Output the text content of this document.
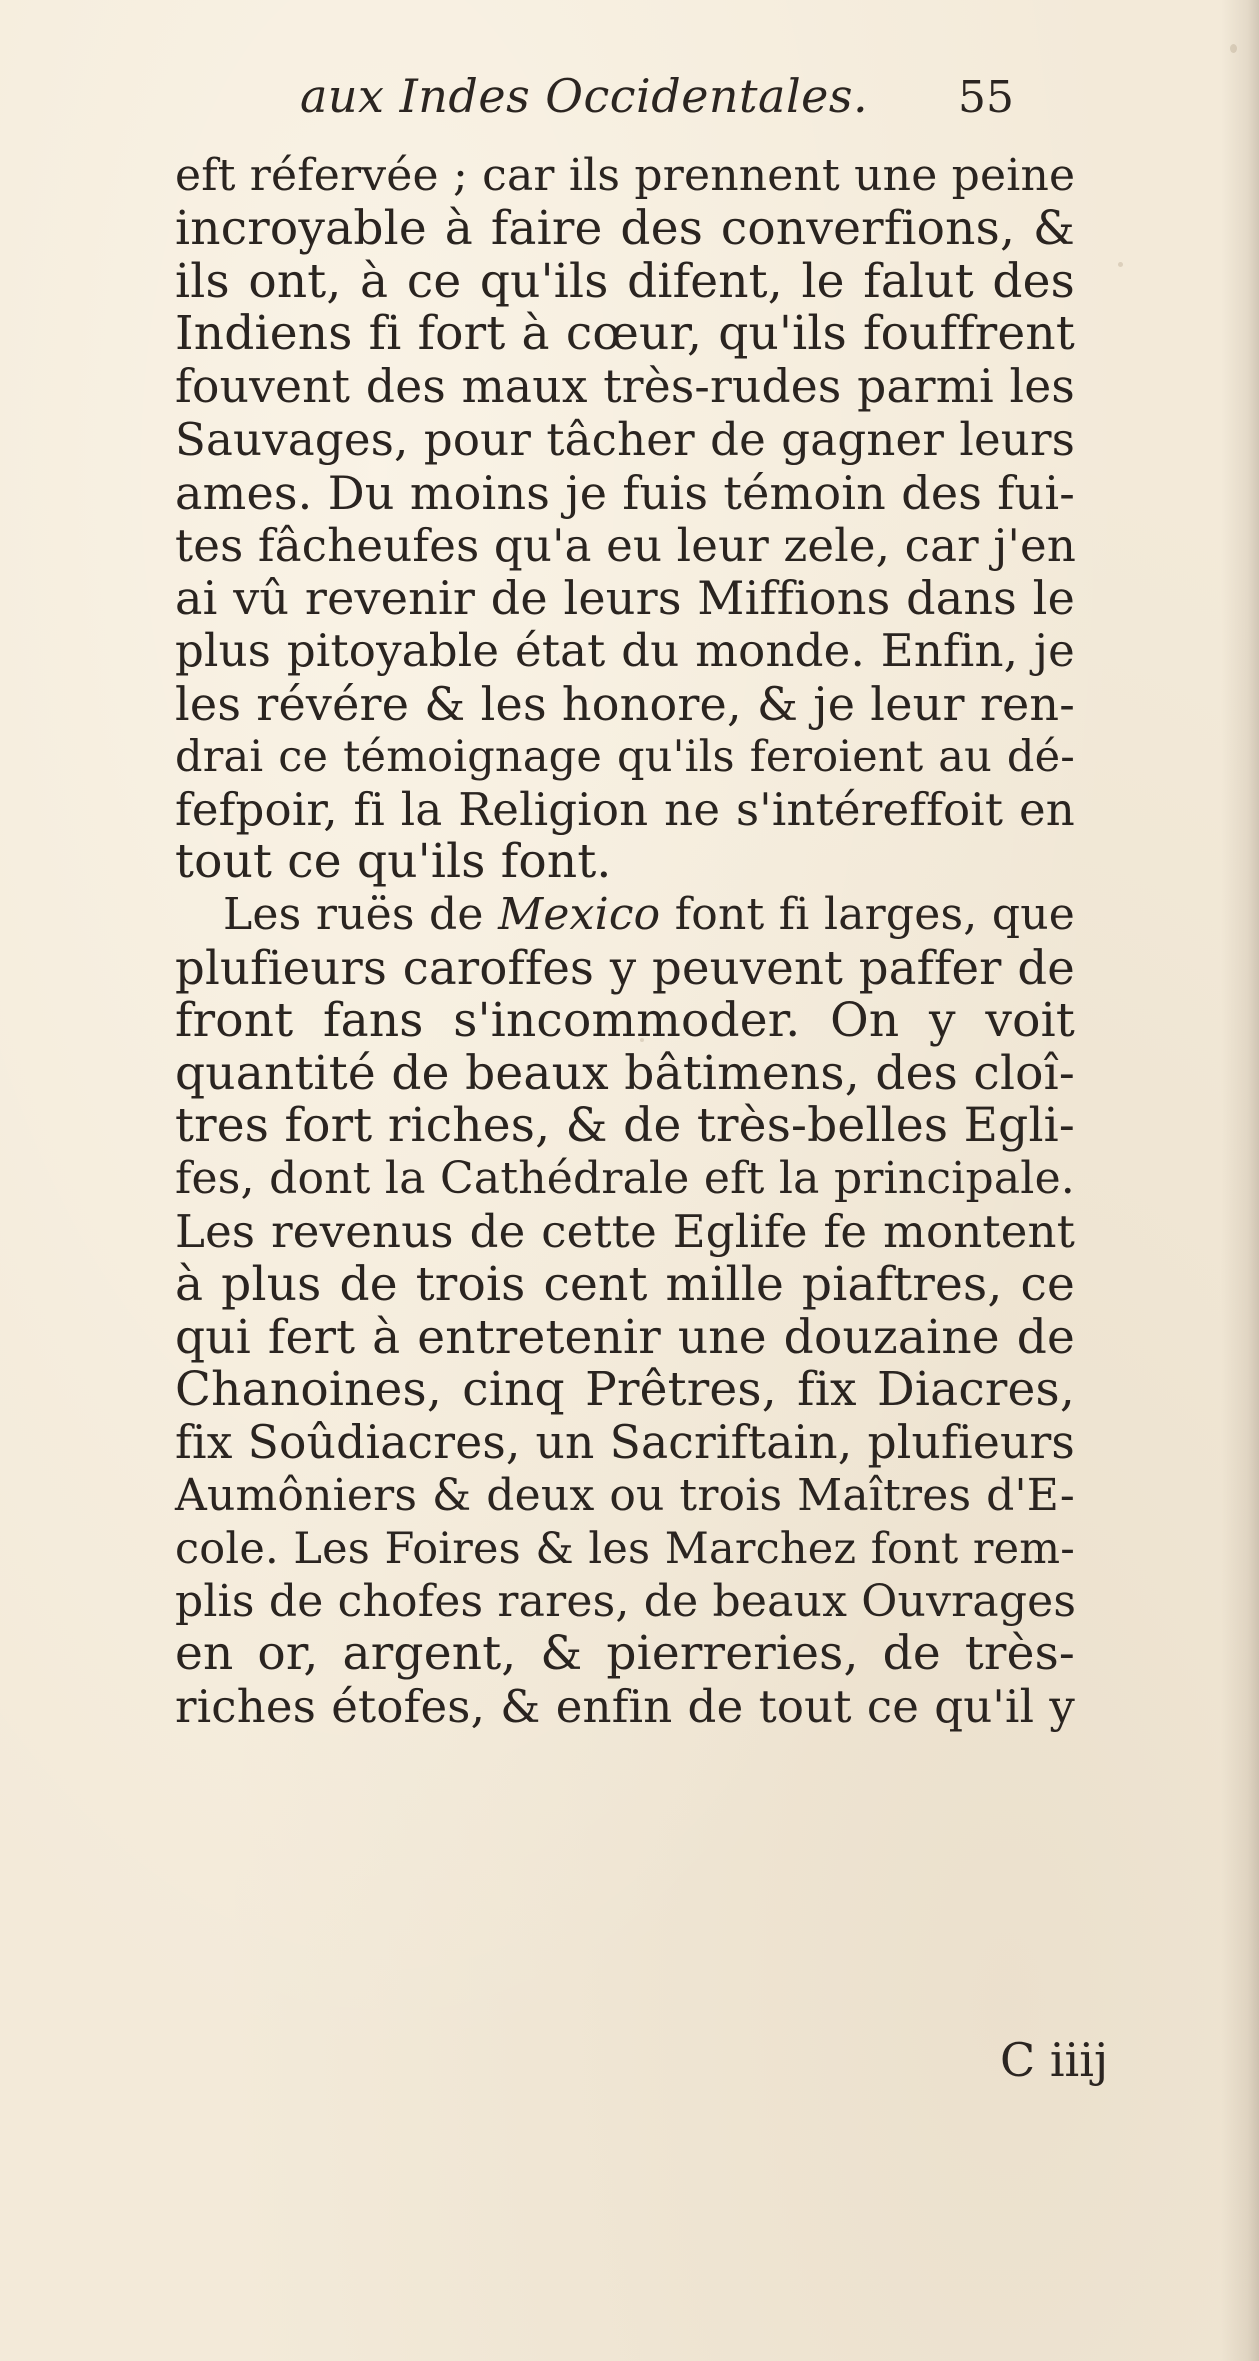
aux Indes Occidentales. 55
eft réfervée ; car ils prennent une peine
incroyable à faire des converfions, &
ils ont, à ce qu'ils difent, le falut des
Indiens fi fort à cœur, qu'ils fouffrent
fouvent des maux très-rudes parmi les
Sauvages, pour tâcher de gagner leurs
ames. Du moins je fuis témoin des fui-
tes fâcheufes qu'a eu leur zele, car j'en
ai vû revenir de leurs Miffions dans le
plus pitoyable état du monde. Enfin, je
les révére & les honore, & je leur ren-
drai ce témoignage qu'ils feroient au dé-
fefpoir, fi la Religion ne s'intéreffoit en
tout ce qu'ils font.
Les ruës de Mexico font fi larges, que
plufieurs caroffes y peuvent paffer de
front fans s'incommoder. On y voit
quantité de beaux bâtimens, des cloî-
tres fort riches, & de très-belles Egli-
fes, dont la Cathédrale eft la principale.
Les revenus de cette Eglife fe montent
à plus de trois cent mille piaftres, ce
qui fert à entretenir une douzaine de
Chanoines, cinq Prêtres, fix Diacres,
fix Soûdiacres, un Sacriftain, plufieurs
Aumôniers & deux ou trois Maîtres d'E-
cole. Les Foires & les Marchez font rem-
plis de chofes rares, de beaux Ouvrages
en or, argent, & pierreries, de très-
riches étofes, & enfin de tout ce qu'il y
C iiij
